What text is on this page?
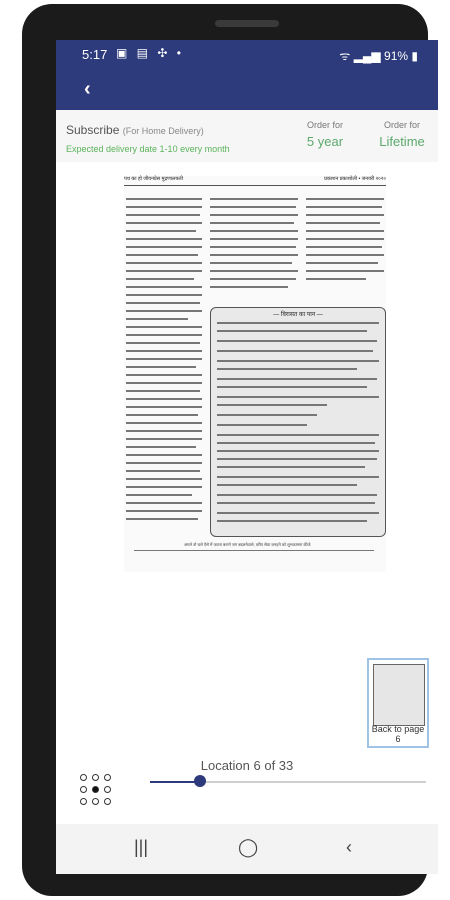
5:17 ▣ ▤ ✣ •	ᯤ ▂▄▆ 91% ▮
‹
Subscribe (For Home Delivery)
Expected delivery date 1-10 every month
Order for
5 year
Order for
Lifetime
पथ का हो जीवनप्रेस मुद्रणालयली	प्रकाशन प्रकाशोली • जनवरी २०२०
— विरासत का पान —
अगले तो चले ऐसे में जवना बनाने जग बदलनेवाले, वरीय सेवा जनहने को शुभकामना कीजे
Back to page 6
Location 6 of 33
|||	◯	‹
